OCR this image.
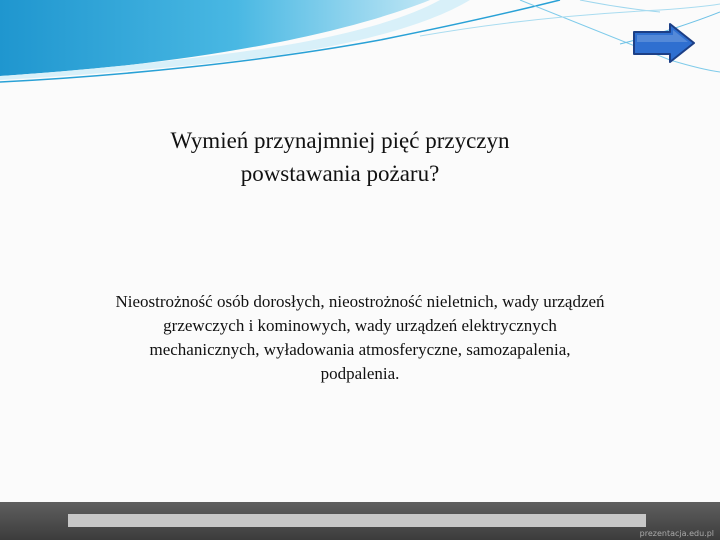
Wymień przynajmniej pięć przyczyn
powstawania pożaru?
Nieostrożność osób dorosłych, nieostrożność nieletnich, wady urządzeń
grzewczych i kominowych, wady urządzeń elektrycznych
mechanicznych, wyładowania atmosferyczne, samozapalenia,
podpalenia.
prezentacja.edu.pl
